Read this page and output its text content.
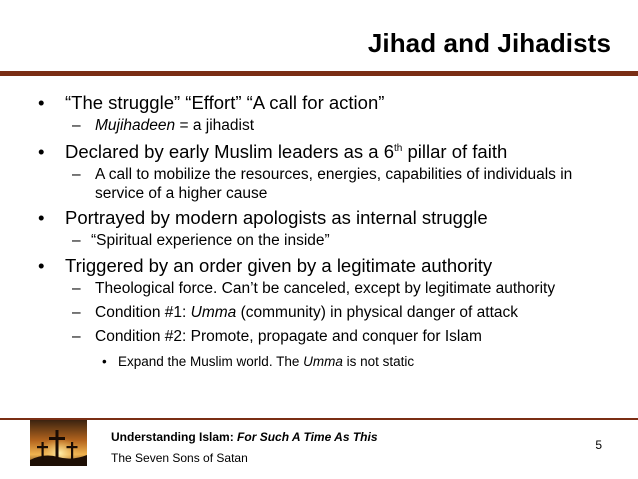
Jihad and Jihadists
• “The struggle” “Effort” “A call for action”
– Mujihadeen = a jihadist
• Declared by early Muslim leaders as a 6th pillar of faith
– A call to mobilize the resources, energies, capabilities of individuals in
service of a higher cause
• Portrayed by modern apologists as internal struggle
– “Spiritual experience on the inside”
• Triggered by an order given by a legitimate authority
– Theological force. Can’t be canceled, except by legitimate authority
– Condition #1: Umma (community) in physical danger of attack
– Condition #2: Promote, propagate and conquer for Islam
• Expand the Muslim world. The Umma is not static
Understanding Islam: For Such A Time As This
The Seven Sons of Satan
5
